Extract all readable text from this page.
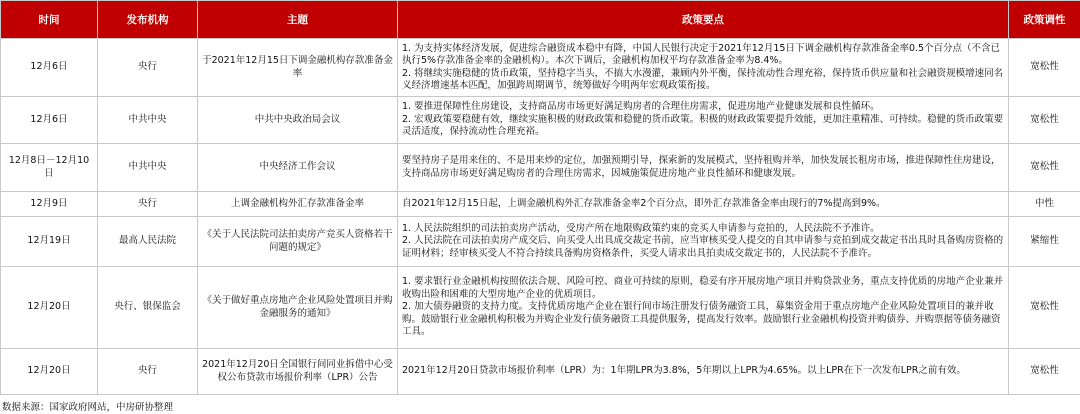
时间	发布机构	主题	政策要点	政策调性
12月6日	央行	于2021年12月15日下调金融机构存款准备金率	1. 为支持实体经济发展，促进综合融资成本稳中有降，中国人民银行决定于2021年12月15日下调金融机构存款准备金率0.5个百分点（不含已执行5%存款准备金率的金融机构）。本次下调后，金融机构加权平均存款准备金率为8.4%。
2. 将继续实施稳健的货币政策，坚持稳字当头，不搞大水漫灌，兼顾内外平衡，保持流动性合理充裕，保持货币供应量和社会融资规模增速同名义经济增速基本匹配，加强跨周期调节，统筹做好今明两年宏观政策衔接。	宽松性
12月6日	中共中央	中共中央政治局会议	1. 要推进保障性住房建设，支持商品房市场更好满足购房者的合理住房需求，促进房地产业健康发展和良性循环。
2. 宏观政策要稳健有效，继续实施积极的财政政策和稳健的货币政策。积极的财政政策要提升效能，更加注重精准、可持续。稳健的货币政策要灵活适度，保持流动性合理充裕。	宽松性
12月8日－12月10日	中共中央	中央经济工作会议	要坚持房子是用来住的、不是用来炒的定位，加强预期引导，探索新的发展模式，坚持租购并举，加快发展长租房市场，推进保障性住房建设，支持商品房市场更好满足购房者的合理住房需求，因城施策促进房地产业良性循环和健康发展。	宽松性
12月9日	央行	上调金融机构外汇存款准备金率	自2021年12月15日起，上调金融机构外汇存款准备金率2个百分点，即外汇存款准备金率由现行的7%提高到9%。	中性
12月19日	最高人民法院	《关于人民法院司法拍卖房产竞买人资格若干问题的规定》	1. 人民法院组织的司法拍卖房产活动，受房产所在地限购政策约束的竞买人申请参与竞拍的，人民法院不予准许。
2. 人民法院在司法拍卖房产成交后、向买受人出具成交裁定书前，应当审核买受人提交的自其申请参与竞拍到成交裁定书出具时具备购房资格的证明材料；经审核买受人不符合持续具备购房资格条件，买受人请求出具拍卖成交裁定书的，人民法院不予准许。	紧缩性
12月20日	央行、银保监会	《关于做好重点房地产企业风险处置项目并购金融服务的通知》	1. 要求银行业金融机构按照依法合规、风险可控、商业可持续的原则，稳妥有序开展房地产项目并购贷款业务，重点支持优质的房地产企业兼并收购出险和困难的大型房地产企业的优质项目。
2. 加大债券融资的支持力度。支持优质房地产企业在银行间市场注册发行债务融资工具，募集资金用于重点房地产企业风险处置项目的兼并收购。鼓励银行业金融机构积极为并购企业发行债务融资工具提供服务，提高发行效率。鼓励银行业金融机构投资并购债券、并购票据等债务融资工具。	宽松性
12月20日	央行	2021年12月20日全国银行间同业拆借中心受权公布贷款市场报价利率（LPR）公告	2021年12月20日贷款市场报价利率（LPR）为：1年期LPR为3.8%，5年期以上LPR为4.65%。以上LPR在下一次发布LPR之前有效。	宽松性
数据来源：国家政府网站，中房研协整理
